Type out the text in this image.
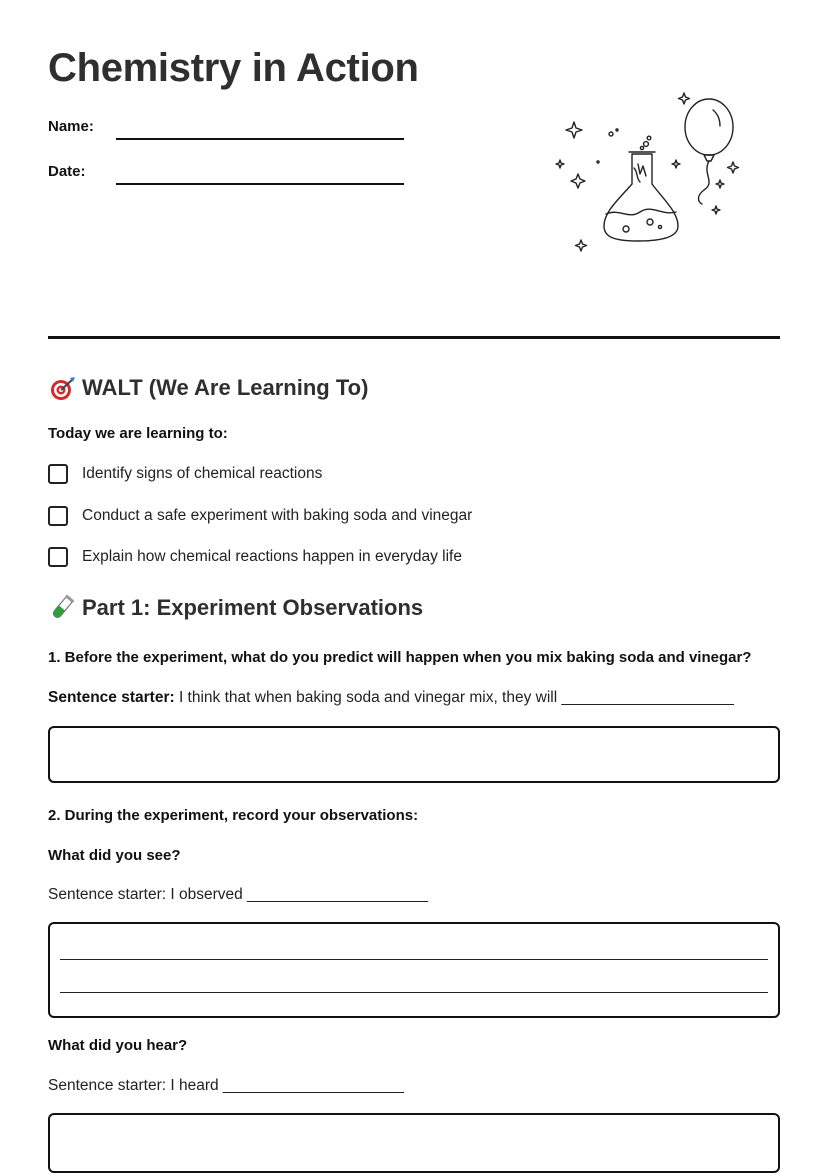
Chemistry in Action
Name:
Date:
WALT (We Are Learning To)
Today we are learning to:
Identify signs of chemical reactions
Conduct a safe experiment with baking soda and vinegar
Explain how chemical reactions happen in everyday life
Part 1: Experiment Observations
1. Before the experiment, what do you predict will happen when you mix baking soda and vinegar?
Sentence starter: I think that when baking soda and vinegar mix, they will ____________________
2. During the experiment, record your observations:
What did you see?
Sentence starter: I observed _____________________
What did you hear?
Sentence starter: I heard _____________________
